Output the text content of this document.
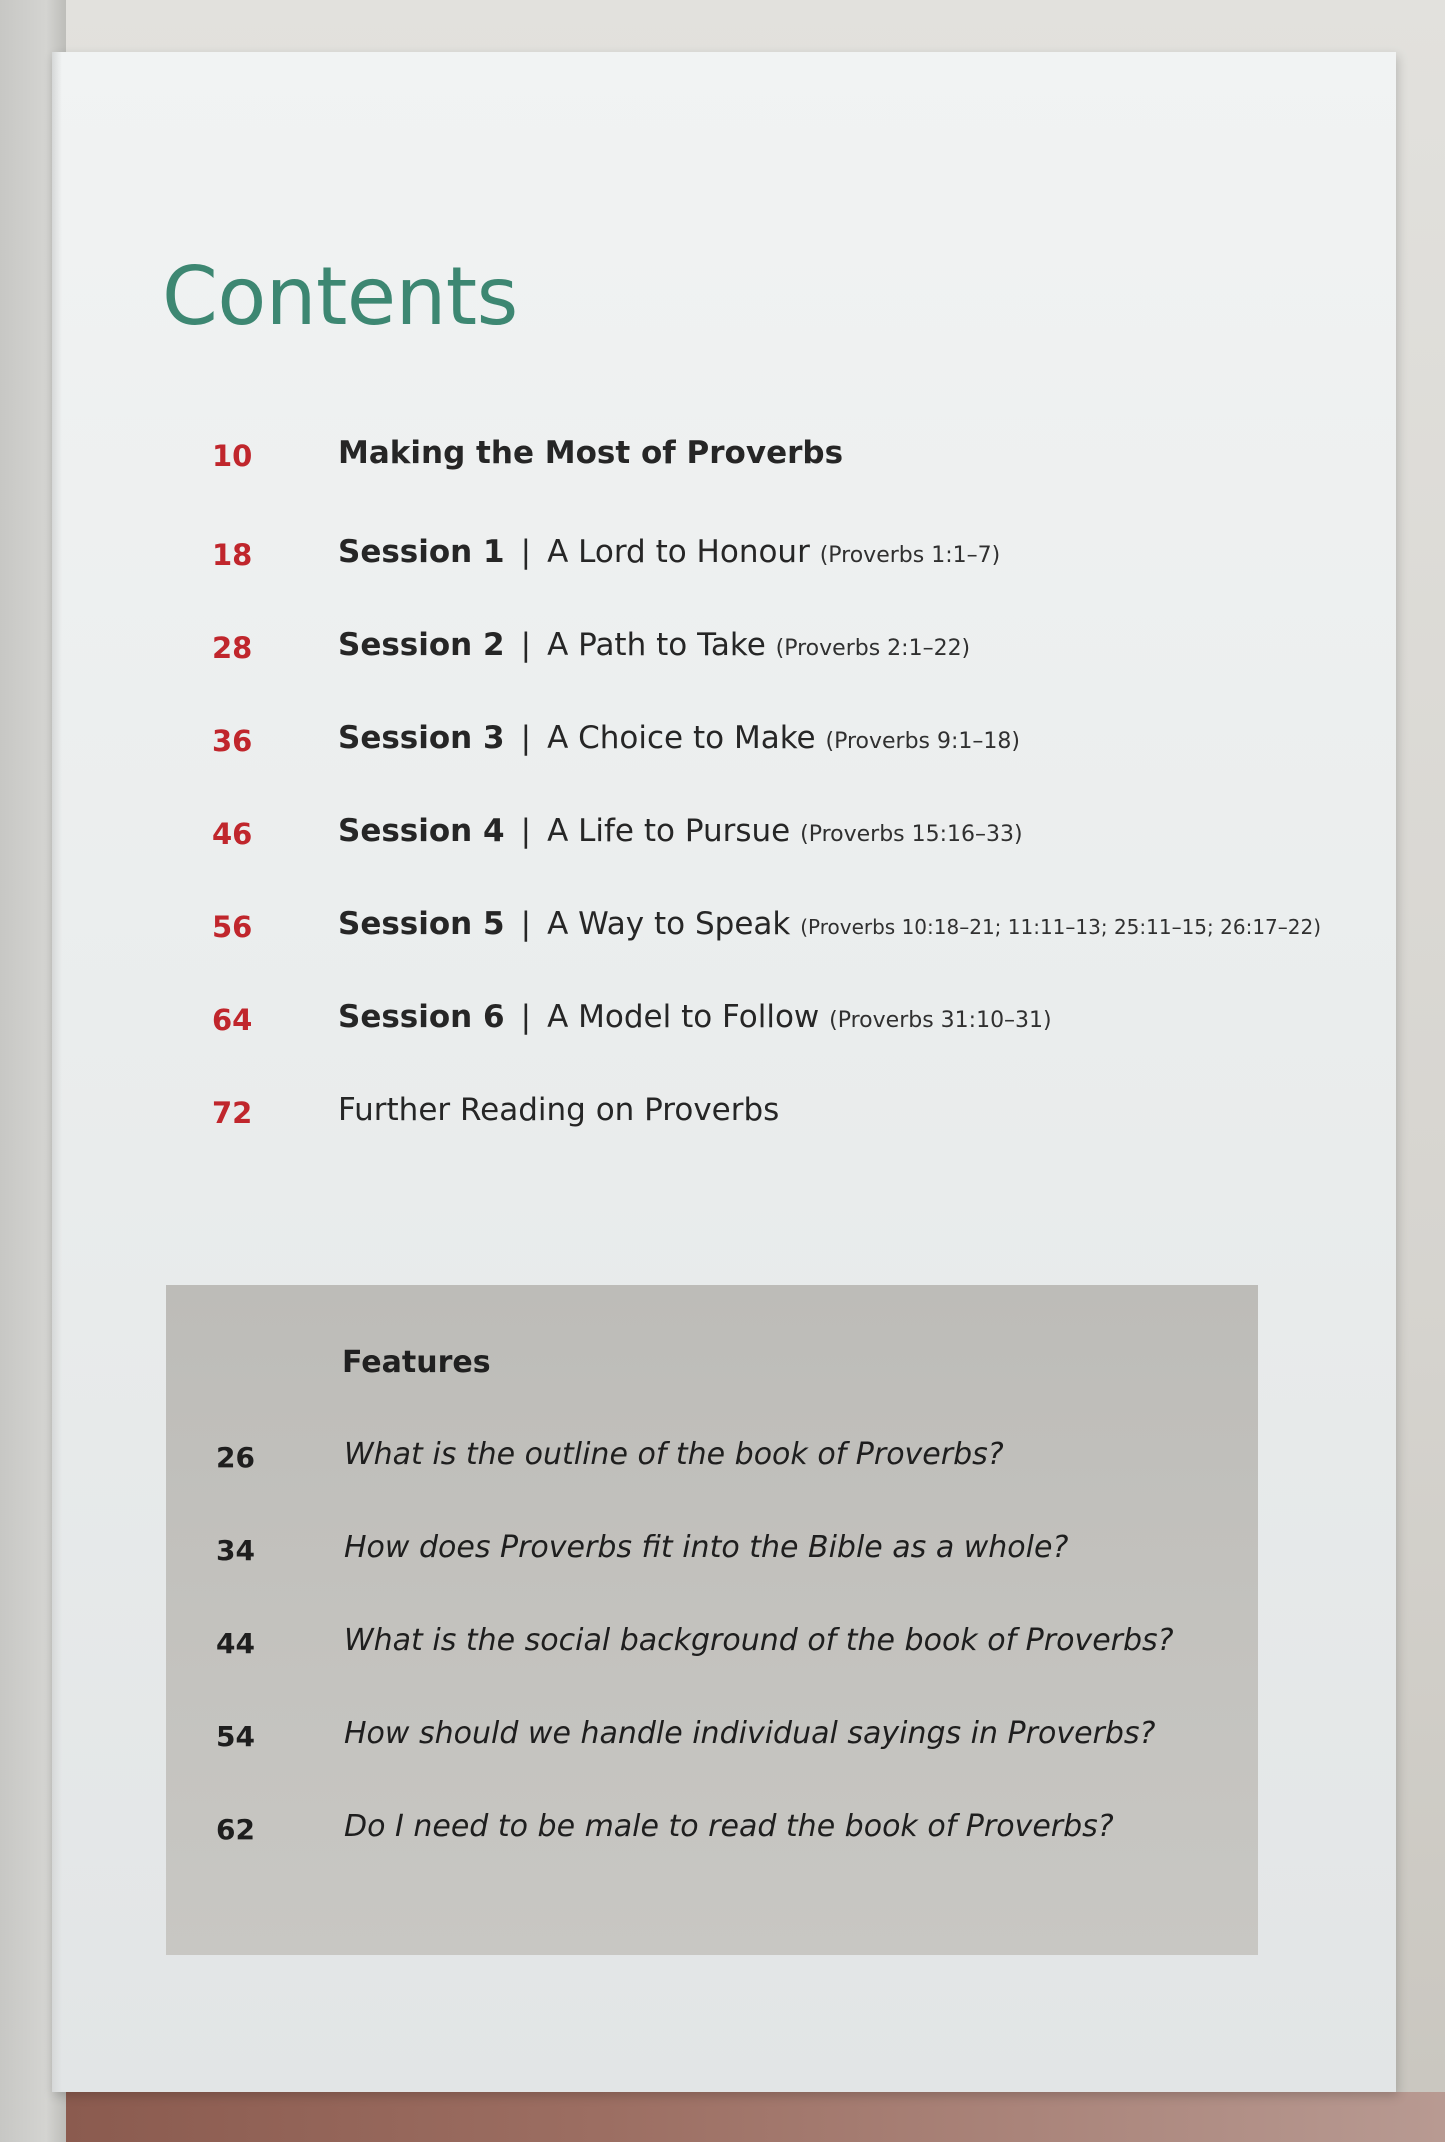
Contents
10	Making the Most of Proverbs
18	Session 1 | A Lord to Honour (Proverbs 1:1–7)
28	Session 2 | A Path to Take (Proverbs 2:1–22)
36	Session 3 | A Choice to Make (Proverbs 9:1–18)
46	Session 4 | A Life to Pursue (Proverbs 15:16–33)
56	Session 5 | A Way to Speak (Proverbs 10:18–21; 11:11–13; 25:11–15; 26:17–22)
64	Session 6 | A Model to Follow (Proverbs 31:10–31)
72	Further Reading on Proverbs
Features
26	What is the outline of the book of Proverbs?
34	How does Proverbs fit into the Bible as a whole?
44	What is the social background of the book of Proverbs?
54	How should we handle individual sayings in Proverbs?
62	Do I need to be male to read the book of Proverbs?
